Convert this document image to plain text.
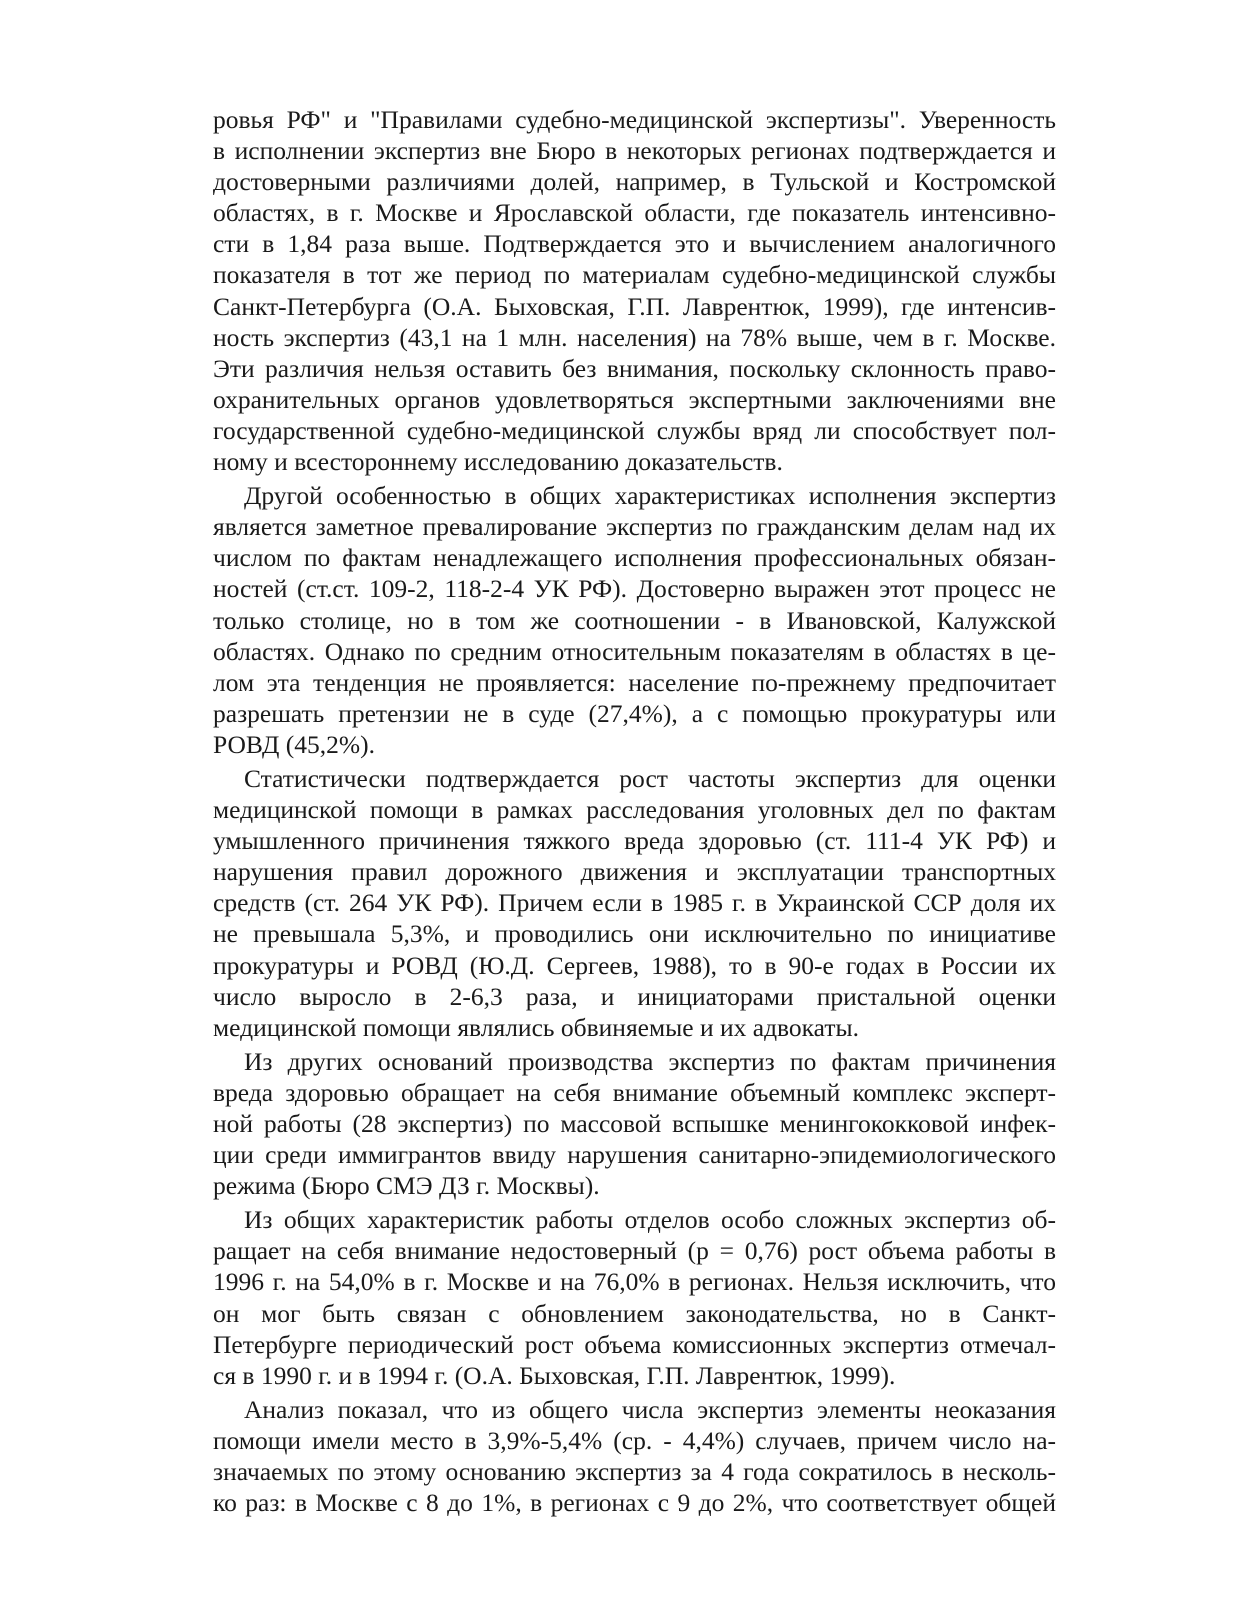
ровья РФ" и "Правилами судебно-медицинской экспертизы". Уверенность
в исполнении экспертиз вне Бюро в некоторых регионах подтверждается и
достоверными различиями долей, например, в Тульской и Костромской
областях, в г. Москве и Ярославской области, где показатель интенсивно-
сти в 1,84 раза выше. Подтверждается это и вычислением аналогичного
показателя в тот же период по материалам судебно-медицинской службы
Санкт-Петербурга (О.А. Быховская, Г.П. Лаврентюк, 1999), где интенсив-
ность экспертиз (43,1 на 1 млн. населения) на 78% выше, чем в г. Москве.
Эти различия нельзя оставить без внимания, поскольку склонность право-
охранительных органов удовлетворяться экспертными заключениями вне
государственной судебно-медицинской службы вряд ли способствует пол-
ному и всестороннему исследованию доказательств.
Другой особенностью в общих характеристиках исполнения экспертиз
является заметное превалирование экспертиз по гражданским делам над их
числом по фактам ненадлежащего исполнения профессиональных обязан-
ностей (ст.ст. 109-2, 118-2-4 УК РФ). Достоверно выражен этот процесс не
только столице, но в том же соотношении - в Ивановской, Калужской
областях. Однако по средним относительным показателям в областях в це-
лом эта тенденция не проявляется: население по-прежнему предпочитает
разрешать претензии не в суде (27,4%), а с помощью прокуратуры или
РОВД (45,2%).
Статистически подтверждается рост частоты экспертиз для оценки
медицинской помощи в рамках расследования уголовных дел по фактам
умышленного причинения тяжкого вреда здоровью (ст. 111-4 УК РФ) и
нарушения правил дорожного движения и эксплуатации транспортных
средств (ст. 264 УК РФ). Причем если в 1985 г. в Украинской ССР доля их
не превышала 5,3%, и проводились они исключительно по инициативе
прокуратуры и РОВД (Ю.Д. Сергеев, 1988), то в 90-е годах в России их
число выросло в 2-6,3 раза, и инициаторами пристальной оценки
медицинской помощи являлись обвиняемые и их адвокаты.
Из других оснований производства экспертиз по фактам причинения
вреда здоровью обращает на себя внимание объемный комплекс эксперт-
ной работы (28 экспертиз) по массовой вспышке менингококковой инфек-
ции среди иммигрантов ввиду нарушения санитарно-эпидемиологического
режима (Бюро СМЭ ДЗ г. Москвы).
Из общих характеристик работы отделов особо сложных экспертиз об-
ращает на себя внимание недостоверный (p = 0,76) рост объема работы в
1996 г. на 54,0% в г. Москве и на 76,0% в регионах. Нельзя исключить, что
он мог быть связан с обновлением законодательства, но в Санкт-
Петербурге периодический рост объема комиссионных экспертиз отмечал-
ся в 1990 г. и в 1994 г. (О.А. Быховская, Г.П. Лаврентюк, 1999).
Анализ показал, что из общего числа экспертиз элементы неоказания
помощи имели место в 3,9%-5,4% (ср. - 4,4%) случаев, причем число на-
значаемых по этому основанию экспертиз за 4 года сократилось в несколь-
ко раз: в Москве с 8 до 1%, в регионах с 9 до 2%, что соответствует общей
